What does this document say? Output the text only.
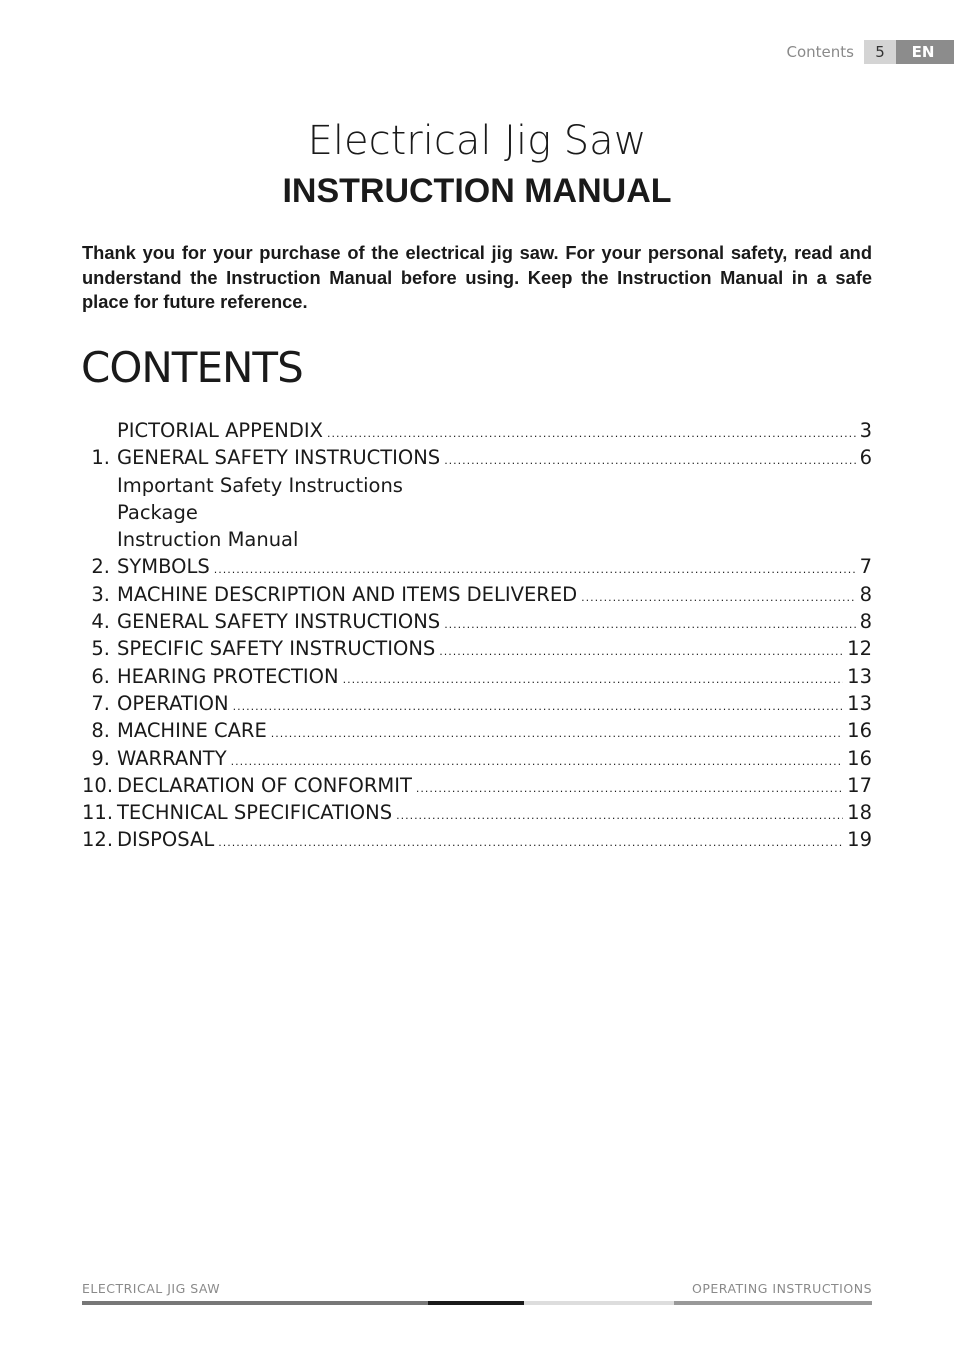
Contents	5	EN
Electrical Jig Saw
INSTRUCTION MANUAL

Thank you for your purchase of the electrical jig saw. For your personal safety, read and understand the Instruction Manual before using. Keep the Instruction Manual in a safe place for future reference.

CONTENTS
PICTORIAL APPENDIX .....	3
1. GENERAL SAFETY INSTRUCTIONS .....	6
Important Safety Instructions
Package
Instruction Manual
2. SYMBOLS .....	7
3. MACHINE DESCRIPTION AND ITEMS DELIVERED .....	8
4. GENERAL SAFETY INSTRUCTIONS .....	8
5. SPECIFIC SAFETY INSTRUCTIONS .....	12
6. HEARING PROTECTION .....	13
7. OPERATION .....	13
8. MACHINE CARE .....	16
9. WARRANTY .....	16
10. DECLARATION OF CONFORMIT .....	17
11. TECHNICAL SPECIFICATIONS .....	18
12. DISPOSAL .....	19
ELECTRICAL JIG SAW	OPERATING INSTRUCTIONS
